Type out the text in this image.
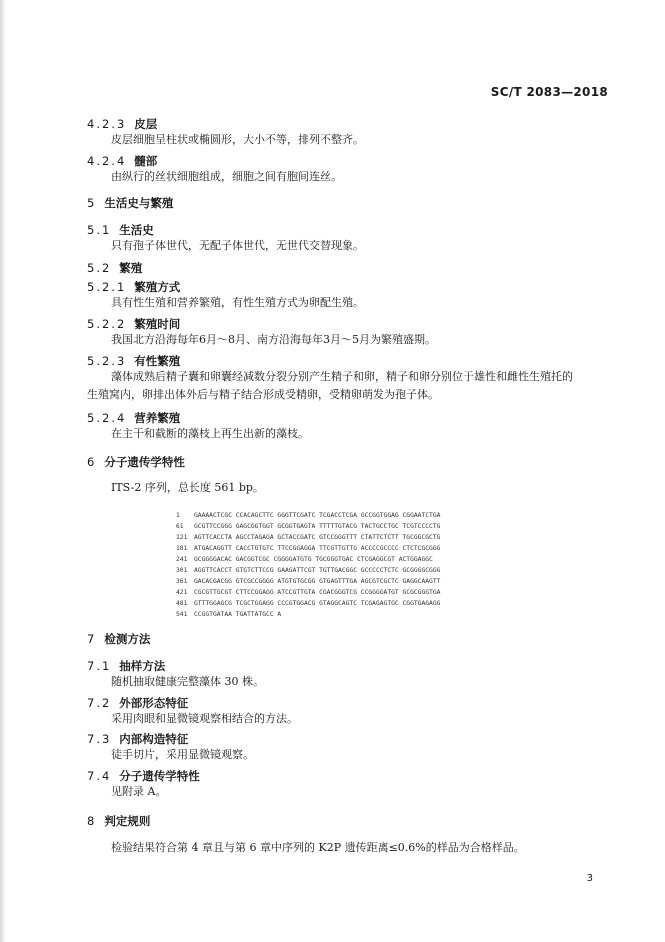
SC/T 2083—2018
4.2.3 皮层
皮层细胞呈柱状或椭圆形，大小不等，排列不整齐。
4.2.4 髓部
由纵行的丝状细胞组成，细胞之间有胞间连丝。
5 生活史与繁殖
5.1 生活史
只有孢子体世代，无配子体世代，无世代交替现象。
5.2 繁殖
5.2.1 繁殖方式
具有性生殖和营养繁殖，有性生殖方式为卵配生殖。
5.2.2 繁殖时间
我国北方沿海每年6月～8月、南方沿海每年3月～5月为繁殖盛期。
5.2.3 有性繁殖
藻体成熟后精子囊和卵囊经减数分裂分别产生精子和卵，精子和卵分别位于雄性和雌性生殖托的
生殖窝内，卵排出体外后与精子结合形成受精卵，受精卵萌发为孢子体。
5.2.4 营养繁殖
在主干和截断的藻枝上再生出新的藻枝。
6 分子遗传学特性
ITS-2 序列，总长度 561 bp。
1	GAAAACTCGC CCACAGCTTC GGGTTCGATC TCGACCTCGA GCCGGTGGAG CGGAATCTGA
61	GCGTTCCGGG GAGCGGTGGT GCGGTGAGTA TTTTTGTACG TACTGCCTGC TCGTCCCCTG
121	AGTTCACCTA AGCCTAGAGA GCTACCGATC GTCCGGGTTT CTATTCTCTT TGCGGCGCTG
181	ATGACAGGTT CACCTGTGTC TTCCGGAGGA TTCGTTGTTG ACCCCGCCCC CTCTCGCGGG
241	GCGGGGACAC GACGGTCGC CGGGGATGTG TGCGGGTGAC CTCGAGGCGT ACTGGAGGC
301	AGGTTCACCT GTGTCTTCCG GAAGATTCGT TGTTGACGGC GCCCCCTCTC GCGGGGCGGG
361	GACACGACGG GTCGCCGGGG ATGTGTGCGG GTGAGTTTGA AGCGTCGCTC GAGGCAAGTT
421	CGCGTTGCGT CTTCCGGAGG ATCCGTTGTA CGACGGGTCG CCGGGGATGT GCGCGGGTGA
481	GTTTGGAGCG TCGCTGGAGG CCCGTGGACG GTAGGCAGTC TCGAGAGTGC CGGTGAGAGG
541	CCGGTGATAA TGATTATGCC A
7 检测方法
7.1 抽样方法
随机抽取健康完整藻体 30 株。
7.2 外部形态特征
采用肉眼和显微镜观察相结合的方法。
7.3 内部构造特征
徒手切片，采用显微镜观察。
7.4 分子遗传学特性
见附录 A。
8 判定规则
检验结果符合第 4 章且与第 6 章中序列的 K2P 遗传距离≤0.6%的样品为合格样品。
3
